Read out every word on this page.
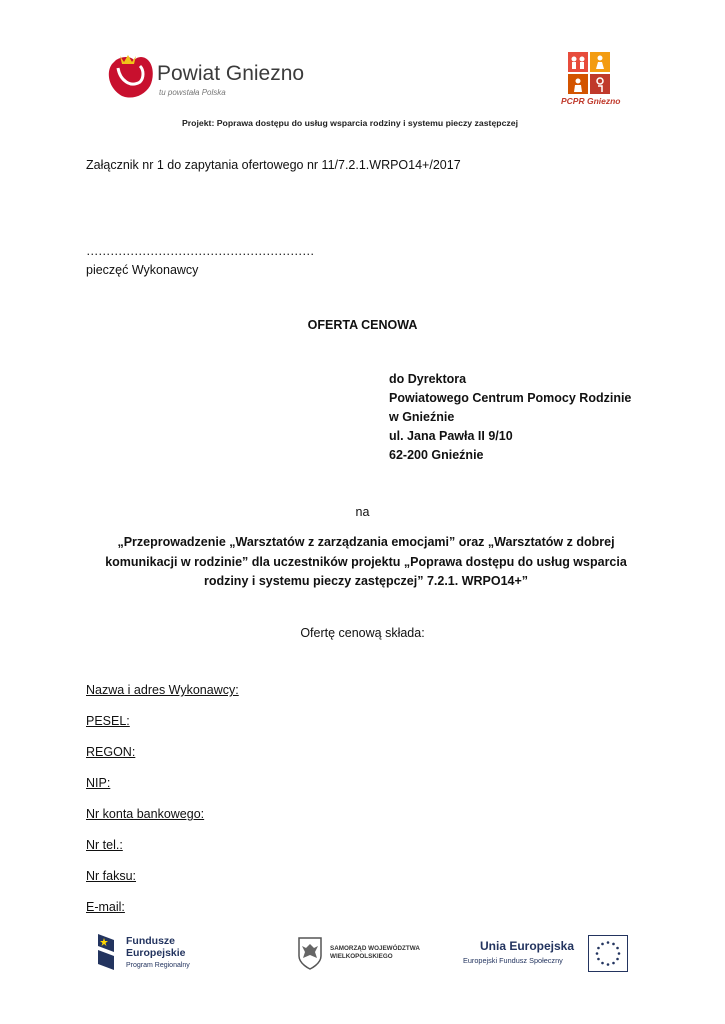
Powiat Gniezno
tu powstała Polska
PCPR Gniezno
Projekt: Poprawa dostępu do usług wsparcia rodziny i systemu pieczy zastępczej
Załącznik nr 1 do zapytania ofertowego nr 11/7.2.1.WRPO14+/2017
…………………………………………………
pieczęć Wykonawcy
OFERTA CENOWA
do Dyrektora
Powiatowego Centrum Pomocy Rodzinie
w Gnieźnie
ul. Jana Pawła II 9/10
62-200 Gnieźnie
na
„Przeprowadzenie „Warsztatów z zarządzania emocjami” oraz „Warsztatów z dobrej komunikacji w rodzinie” dla uczestników projektu „Poprawa dostępu do usług wsparcia rodziny i systemu pieczy zastępczej” 7.2.1. WRPO14+”
Ofertę cenową składa:
Nazwa i adres Wykonawcy:
PESEL:
REGON:
NIP:
Nr konta bankowego:
Nr tel.:
Nr faksu:
E-mail:
Fundusze
Europejskie
Program Regionalny
SAMORZĄD WOJEWÓDZTWA
WIELKOPOLSKIEGO
Unia Europejska
Europejski Fundusz Społeczny
